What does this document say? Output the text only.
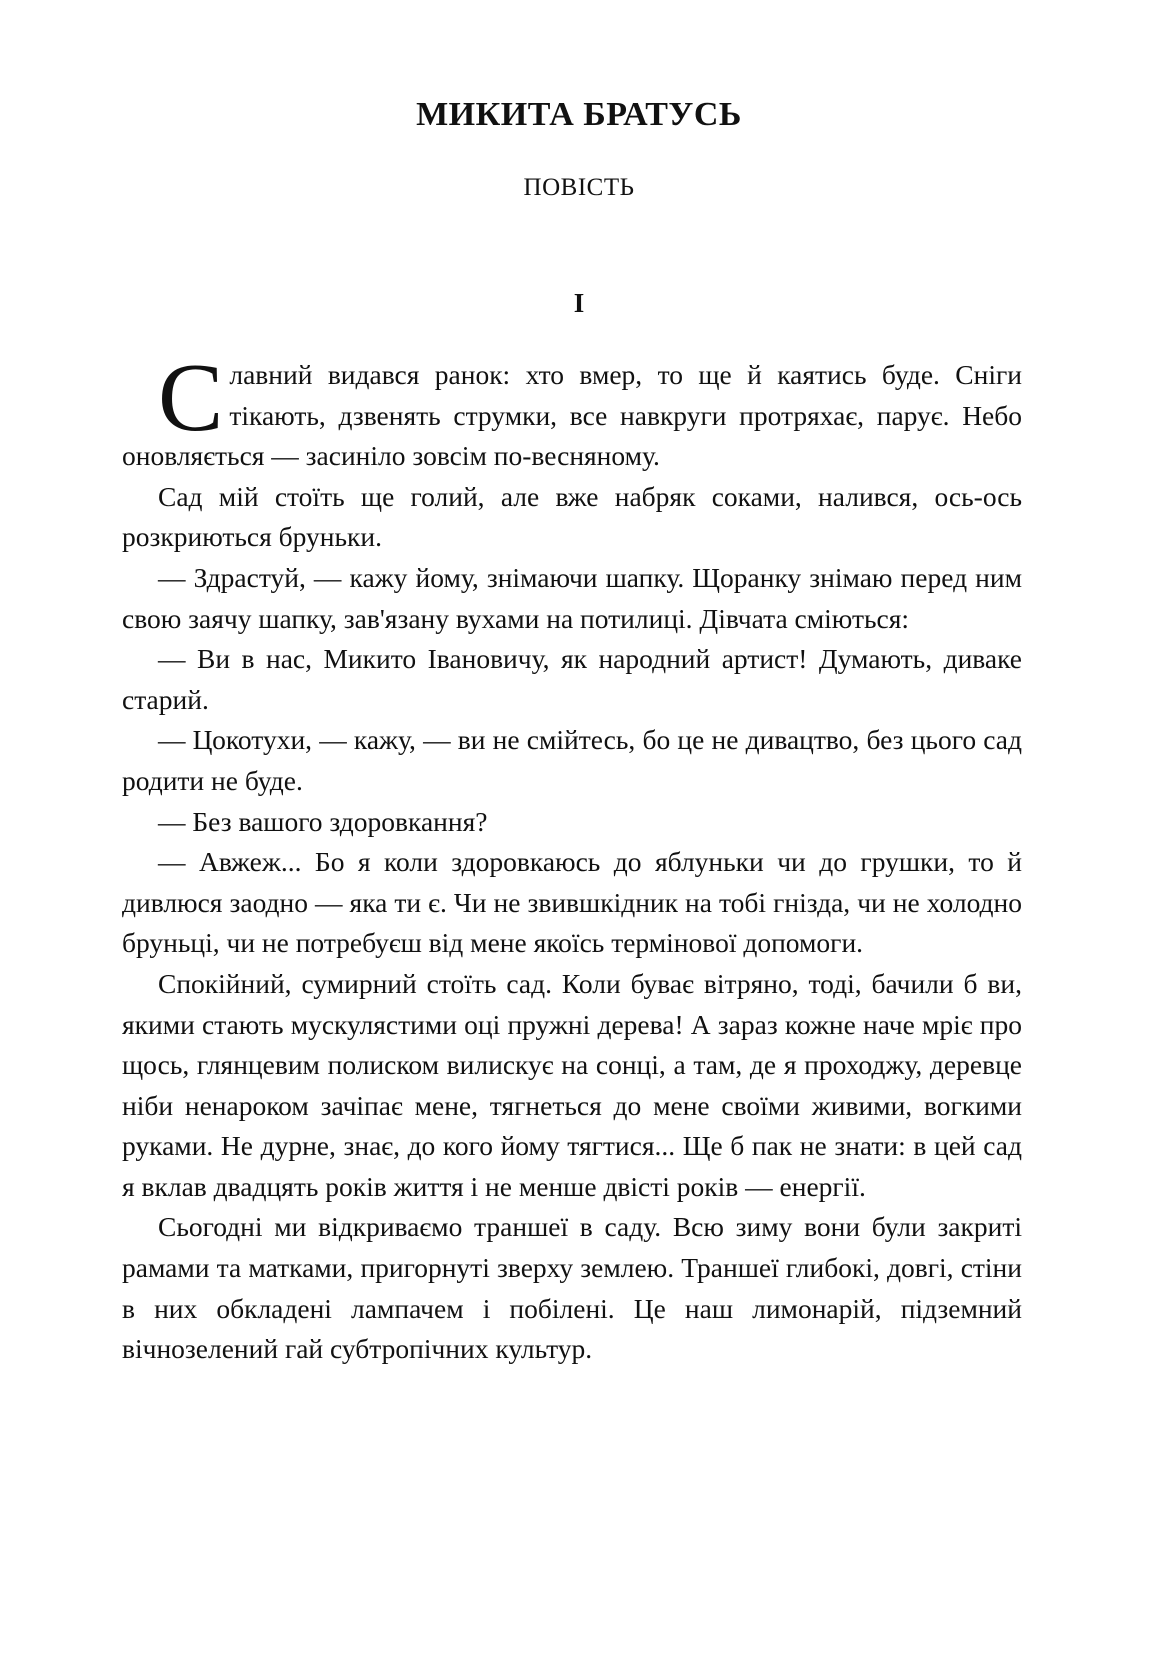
МИКИТА БРАТУСЬ
ПОВІСТЬ
І

Славний видався ранок: хто вмер, то ще й каятись буде. Сніги тікають, дзвенять струмки, все навкруги протряхає, парує. Небо оновляється — засиніло зовсім по-весняному.

Сад мій стоїть ще голий, але вже набряк соками, налився, ось-ось розкриються бруньки.

— Здрастуй, — кажу йому, знімаючи шапку. Щоранку знімаю перед ним свою заячу шапку, зав'язану вухами на потилиці. Дівчата сміються:

— Ви в нас, Микито Івановичу, як народний артист! Думають, диваке старий.

— Цокотухи, — кажу, — ви не смійтесь, бо це не дивацтво, без цього сад родити не буде.

— Без вашого здоровкання?

— Авжеж... Бо я коли здоровкаюсь до яблуньки чи до грушки, то й дивлюся заодно — яка ти є. Чи не звившкідник на тобі гнізда, чи не холодно бруньці, чи не потребуєш від мене якоїсь термінової допомоги.

Спокійний, сумирний стоїть сад. Коли буває вітряно, тоді, бачили б ви, якими стають мускулястими оці пружні дерева! А зараз кожне наче мріє про щось, глянцевим полиском вилискує на сонці, а там, де я проходжу, деревце ніби ненароком зачіпає мене, тягнеться до мене своїми живими, вогкими руками. Не дурне, знає, до кого йому тягтися... Ще б пак не знати: в цей сад я вклав двадцять років життя і не менше двісті років — енергії.

Сьогодні ми відкриваємо траншеї в саду. Всю зиму вони були закриті рамами та матками, пригорнуті зверху землею. Траншеї глибокі, довгі, стіни в них обкладені лампачем і побілені. Це наш лимонарій, підземний вічнозелений гай субтропічних культур.
